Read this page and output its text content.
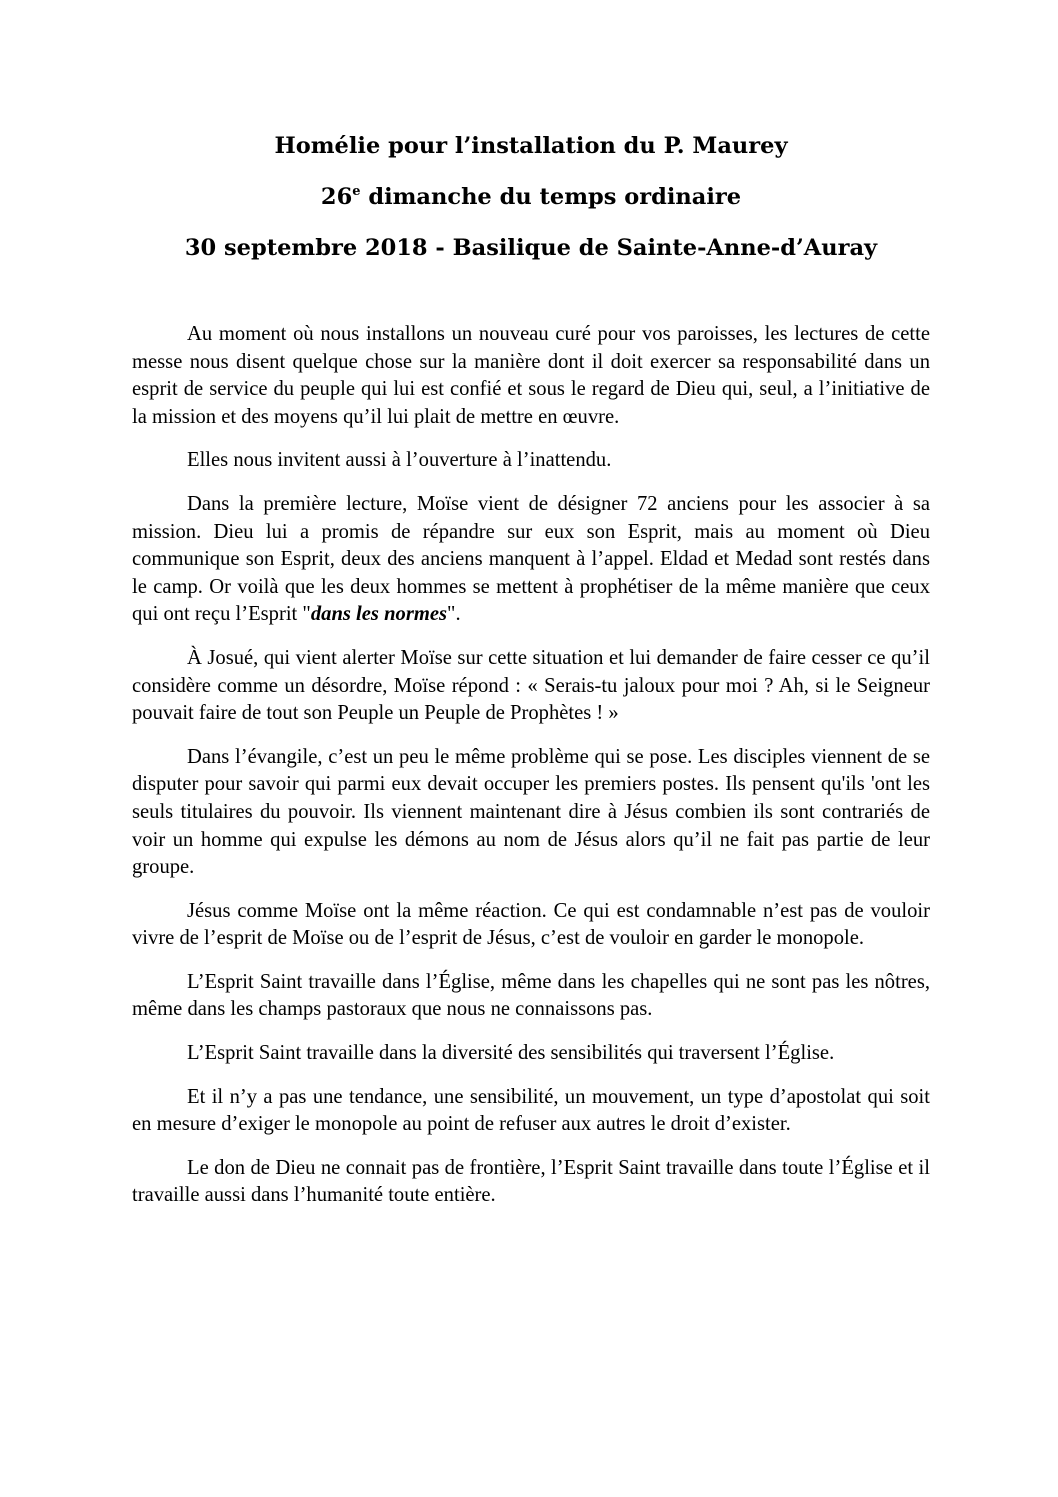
Homélie pour l’installation du P. Maurey

26e dimanche du temps ordinaire

30 septembre 2018 - Basilique de Sainte-Anne-d’Auray

Au moment où nous installons un nouveau curé pour vos paroisses, les lectures de cette messe nous disent quelque chose sur la manière dont il doit exercer sa responsabilité dans un esprit de service du peuple qui lui est confié et sous le regard de Dieu qui, seul, a l’initiative de la mission et des moyens qu’il lui plait de mettre en œuvre.

Elles nous invitent aussi à l’ouverture à l’inattendu.

Dans la première lecture, Moïse vient de désigner 72 anciens pour les associer à sa mission. Dieu lui a promis de répandre sur eux son Esprit, mais au moment où Dieu communique son Esprit, deux des anciens manquent à l’appel. Eldad et Medad sont restés dans le camp. Or voilà que les deux hommes se mettent à prophétiser de la même manière que ceux qui ont reçu l’Esprit "dans les normes".

À Josué, qui vient alerter Moïse sur cette situation et lui demander de faire cesser ce qu’il considère comme un désordre, Moïse répond : « Serais-tu jaloux pour moi ? Ah, si le Seigneur pouvait faire de tout son Peuple un Peuple de Prophètes ! »

Dans l’évangile, c’est un peu le même problème qui se pose. Les disciples viennent de se disputer pour savoir qui parmi eux devait occuper les premiers postes. Ils pensent qu'ils 'ont les seuls titulaires du pouvoir. Ils viennent maintenant dire à Jésus combien ils sont contrariés de voir un homme qui expulse les démons au nom de Jésus alors qu’il ne fait pas partie de leur groupe.

Jésus comme Moïse ont la même réaction. Ce qui est condamnable n’est pas de vouloir vivre de l’esprit de Moïse ou de l’esprit de Jésus, c’est de vouloir en garder le monopole.

L’Esprit Saint travaille dans l’Église, même dans les chapelles qui ne sont pas les nôtres, même dans les champs pastoraux que nous ne connaissons pas.

L’Esprit Saint travaille dans la diversité des sensibilités qui traversent l’Église.

Et il n’y a pas une tendance, une sensibilité, un mouvement, un type d’apostolat qui soit en mesure d’exiger le monopole au point de refuser aux autres le droit d’exister.

Le don de Dieu ne connait pas de frontière, l’Esprit Saint travaille dans toute l’Église et il travaille aussi dans l’humanité toute entière.
